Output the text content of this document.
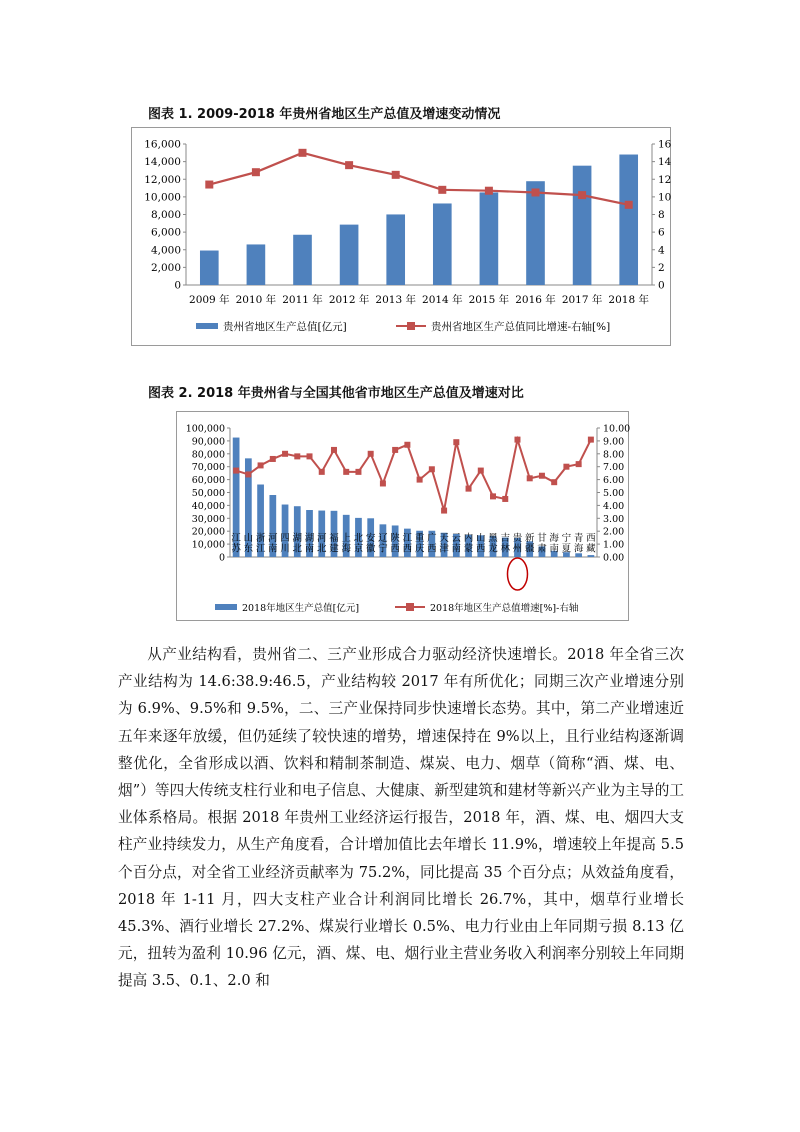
图表 1. 2009-2018 年贵州省地区生产总值及增速变动情况
0
2,000
4,000
6,000
8,000
10,000
12,000
14,000
16,000
0
2
4
6
8
10
12
14
16
2009 年 2010 年 2011 年 2012 年 2013 年 2014 年 2015 年 2016 年 2017 年 2018 年
贵州省地区生产总值[亿元]	贵州省地区生产总值同比增速-右轴[%]
图表 2. 2018 年贵州省与全国其他省市地区生产总值及增速对比
0
10,000
20,000
30,000
40,000
50,000
60,000
70,000
80,000
90,000
100,000
0.00
1.00
2.00
3.00
4.00
5.00
6.00
7.00
8.00
9.00
10.00
江苏
山东
浙江
河南
四川
湖北
湖南
河北
福建
上海
北京
安徽
辽宁
陕西
江西
重庆
广西
天津
云南
内蒙
山西
黑龙
吉林
贵州
新疆
甘肃
海南
宁夏
青海
西藏
2018年地区生产总值[亿元]	2018年地区生产总值增速[%]-右轴

从产业结构看，贵州省二、三产业形成合力驱动经济快速增长。2018 年全省三次产业结构为 14.6:38.9:46.5，产业结构较 2017 年有所优化；同期三次产业增速分别为 6.9%、9.5%和 9.5%，二、三产业保持同步快速增长态势。其中，第二产业增速近五年来逐年放缓，但仍延续了较快速的增势，增速保持在 9%以上，且行业结构逐渐调整优化，全省形成以酒、饮料和精制茶制造、煤炭、电力、烟草（简称“酒、煤、电、烟”）等四大传统支柱行业和电子信息、大健康、新型建筑和建材等新兴产业为主导的工业体系格局。根据 2018 年贵州工业经济运行报告，2018 年，酒、煤、电、烟四大支柱产业持续发力，从生产角度看，合计增加值比去年增长 11.9%，增速较上年提高 5.5 个百分点，对全省工业经济贡献率为 75.2%，同比提高 35 个百分点；从效益角度看，2018 年 1-11 月，四大支柱产业合计利润同比增长 26.7%，其中，烟草行业增长 45.3%、酒行业增长 27.2%、煤炭行业增长 0.5%、电力行业由上年同期亏损 8.13 亿元，扭转为盈利 10.96 亿元，酒、煤、电、烟行业主营业务收入利润率分别较上年同期提高 3.5、0.1、2.0 和
